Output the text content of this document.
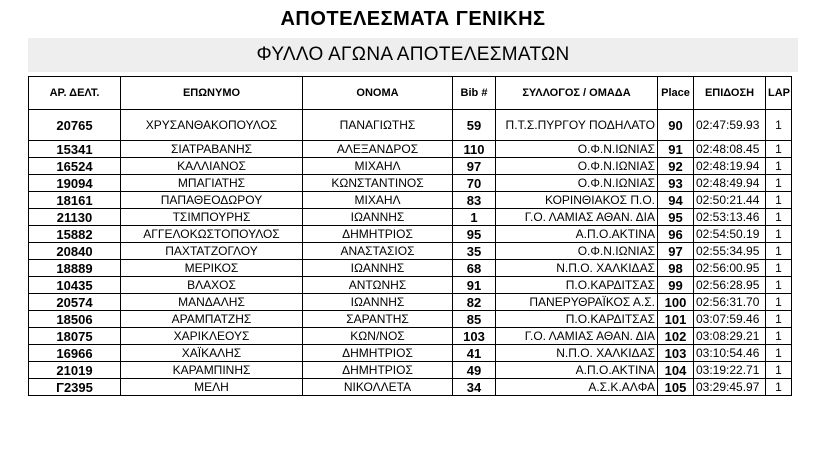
ΑΠΟΤΕΛΕΣΜΑΤΑ ΓΕΝΙΚΗΣ
ΦΥΛΛΟ ΑΓΩΝΑ ΑΠΟΤΕΛΕΣΜΑΤΩΝ
ΑΡ. ΔΕΛΤ.	ΕΠΩΝΥΜΟ	ΟΝΟΜΑ	Bib #	ΣΥΛΛΟΓΟΣ / ΟΜΑΔΑ	Place	ΕΠΙΔΟΣΗ	LAP
20765	ΧΡΥΣΑΝΘΑΚΟΠΟΥΛΟΣ	ΠΑΝΑΓΙΩΤΗΣ	59	Π.Τ.Σ.ΠΥΡΓΟΥ ΠΟΔΗΛΑΤΟ	90	02:47:59.93	1
15341	ΣΙΑΤΡΑΒΑΝΗΣ	ΑΛΕΞΑΝΔΡΟΣ	110	Ο.Φ.Ν.ΙΩΝΙΑΣ	91	02:48:08.45	1
16524	ΚΑΛΛΙΑΝΟΣ	ΜΙΧΑΗΛ	97	Ο.Φ.Ν.ΙΩΝΙΑΣ	92	02:48:19.94	1
19094	ΜΠΑΓΙΑΤΗΣ	ΚΩΝΣΤΑΝΤΙΝΟΣ	70	Ο.Φ.Ν.ΙΩΝΙΑΣ	93	02:48:49.94	1
18161	ΠΑΠΑΘΕΟΔΩΡΟΥ	ΜΙΧΑΗΛ	83	ΚΟΡΙΝΘΙΑΚΟΣ Π.Ο.	94	02:50:21.44	1
21130	ΤΣΙΜΠΟΥΡΗΣ	ΙΩΑΝΝΗΣ	1	Γ.Ο. ΛΑΜΙΑΣ ΑΘΑΝ. ΔΙΑ	95	02:53:13.46	1
15882	ΑΓΓΕΛΟΚΩΣΤΟΠΟΥΛΟΣ	ΔΗΜΗΤΡΙΟΣ	95	Α.Π.Ο.ΑΚΤΙΝΑ	96	02:54:50.19	1
20840	ΠΑΧΤΑΤΖΟΓΛΟΥ	ΑΝΑΣΤΑΣΙΟΣ	35	Ο.Φ.Ν.ΙΩΝΙΑΣ	97	02:55:34.95	1
18889	ΜΕΡΙΚΟΣ	ΙΩΑΝΝΗΣ	68	Ν.Π.Ο. ΧΑΛΚΙΔΑΣ	98	02:56:00.95	1
10435	ΒΛΑΧΟΣ	ΑΝΤΩΝΗΣ	91	Π.Ο.ΚΑΡΔΙΤΣΑΣ	99	02:56:28.95	1
20574	ΜΑΝΔΑΛΗΣ	ΙΩΑΝΝΗΣ	82	ΠΑΝΕΡΥΘΡΑΪΚΟΣ Α.Σ.	100	02:56:31.70	1
18506	ΑΡΑΜΠΑΤΖΗΣ	ΣΑΡΑΝΤΗΣ	85	Π.Ο.ΚΑΡΔΙΤΣΑΣ	101	03:07:59.46	1
18075	ΧΑΡΙΚΛΕΟΥΣ	ΚΩΝ/ΝΟΣ	103	Γ.Ο. ΛΑΜΙΑΣ ΑΘΑΝ. ΔΙΑ	102	03:08:29.21	1
16966	ΧΑΪΚΑΛΗΣ	ΔΗΜΗΤΡΙΟΣ	41	Ν.Π.Ο. ΧΑΛΚΙΔΑΣ	103	03:10:54.46	1
21019	ΚΑΡΑΜΠΙΝΗΣ	ΔΗΜΗΤΡΙΟΣ	49	Α.Π.Ο.ΑΚΤΙΝΑ	104	03:19:22.71	1
Γ2395	ΜΕΛΗ	ΝΙΚΟΛΛΕΤΑ	34	Α.Σ.Κ.ΑΛΦΑ	105	03:29:45.97	1
